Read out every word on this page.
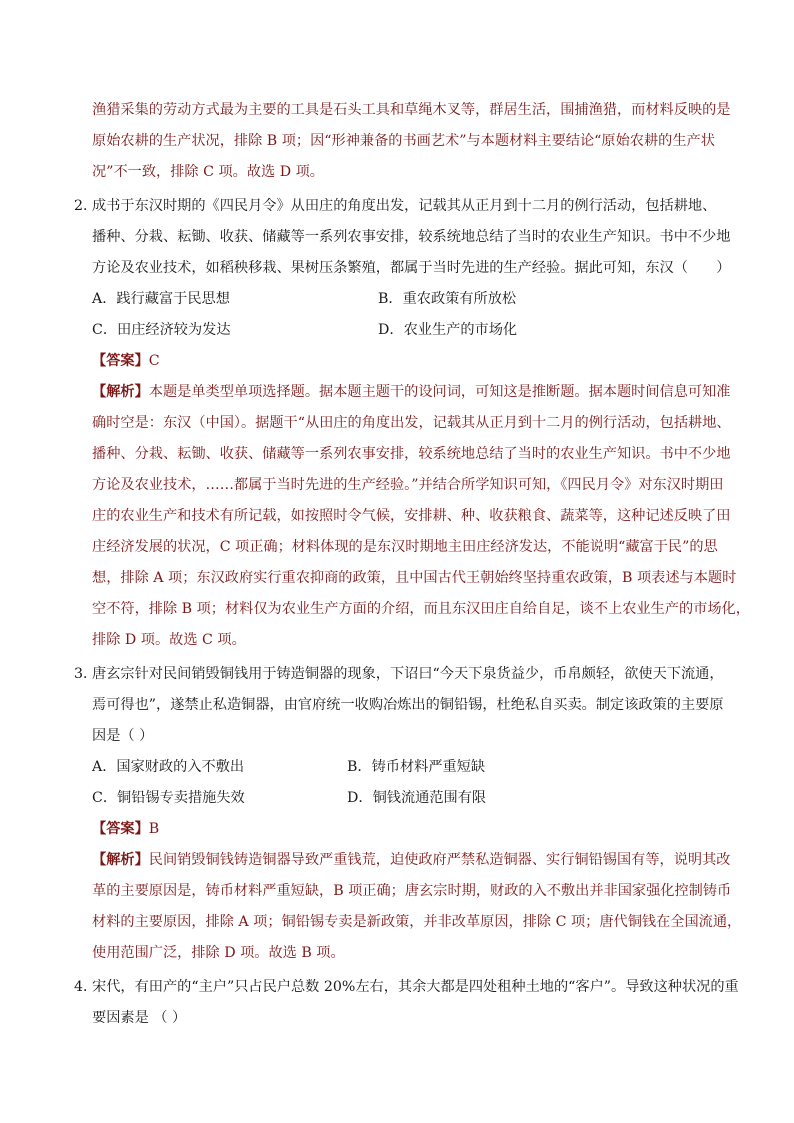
渔猎采集的劳动方式最为主要的工具是石头工具和草绳木叉等，群居生活，围捕渔猎，而材料反映的是
原始农耕的生产状况，排除 B 项；因“形神兼备的书画艺术”与本题材料主要结论“原始农耕的生产状
况”不一致，排除 C 项。故选 D 项。
2．
成书于东汉时期的《四民月令》从田庄的角度出发，记载其从正月到十二月的例行活动，包括耕地、
播种、分栽、耘锄、收获、储藏等一系列农事安排，较系统地总结了当时的农业生产知识。书中不少地
方论及农业技术，如稻秧移栽、果树压条繁殖，都属于当时先进的生产经验。据此可知，东汉（　　）
A．践行藏富于民思想	B．重农政策有所放松
C．田庄经济较为发达	D．农业生产的市场化
【答案】C
【解析】本题是单类型单项选择题。据本题主题干的设问词，可知这是推断题。据本题时间信息可知准
确时空是：东汉（中国）。据题干“从田庄的角度出发，记载其从正月到十二月的例行活动，包括耕地、
播种、分栽、耘锄、收获、储藏等一系列农事安排，较系统地总结了当时的农业生产知识。书中不少地
方论及农业技术，……都属于当时先进的生产经验。”并结合所学知识可知，《四民月令》对东汉时期田
庄的农业生产和技术有所记载，如按照时令气候，安排耕、种、收获粮食、蔬菜等，这种记述反映了田
庄经济发展的状况，C 项正确；材料体现的是东汉时期地主田庄经济发达，不能说明“藏富于民”的思
想，排除 A 项；东汉政府实行重农抑商的政策，且中国古代王朝始终坚持重农政策，B 项表述与本题时
空不符，排除 B 项；材料仅为农业生产方面的介绍，而且东汉田庄自给自足，谈不上农业生产的市场化，
排除 D 项。故选 C 项。
3．
唐玄宗针对民间销毁铜钱用于铸造铜器的现象，下诏曰“今天下泉货益少，币帛颇轻，欲使天下流通，
焉可得也”，遂禁止私造铜器，由官府统一收购冶炼出的铜铅锡，杜绝私自买卖。制定该政策的主要原
因是（ ）
A．国家财政的入不敷出	B．铸币材料严重短缺
C．铜铅锡专卖措施失效	D．铜钱流通范围有限
【答案】B
【解析】民间销毁铜钱铸造铜器导致严重钱荒，迫使政府严禁私造铜器、实行铜铅锡国有等，说明其改
革的主要原因是，铸币材料严重短缺，B 项正确；唐玄宗时期，财政的入不敷出并非国家强化控制铸币
材料的主要原因，排除 A 项；铜铅锡专卖是新政策，并非改革原因，排除 C 项；唐代铜钱在全国流通，
使用范围广泛，排除 D 项。故选 B 项。
4．
宋代，有田产的“主户”只占民户总数 20%左右，其余大都是四处租种土地的“客户”。导致这种状况的重
要因素是 （ ）
